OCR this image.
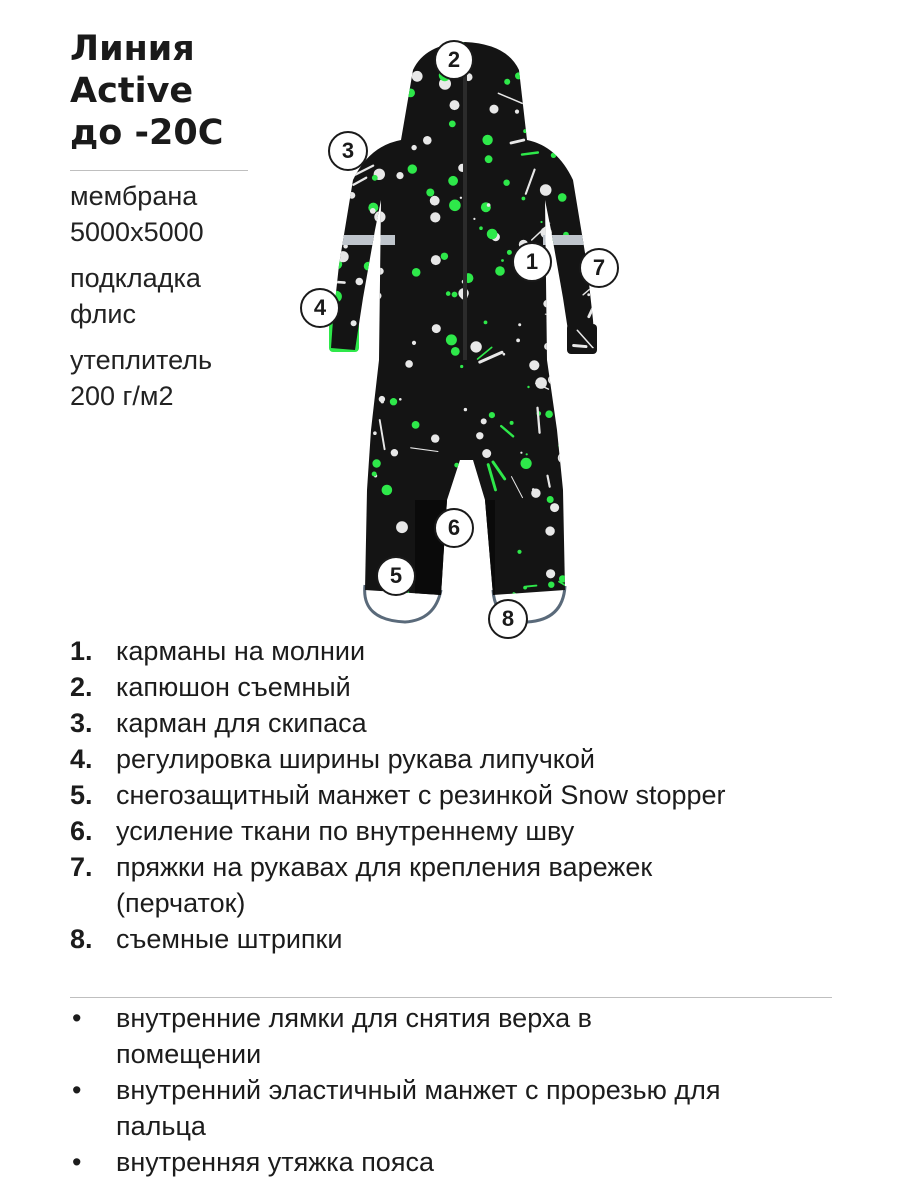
Линия
Active
до -20С
мембрана
5000х5000
подкладка
флис
утеплитель
200 г/м2
1
2
3
4
5
6
7
8
1. карманы на молнии
2. капюшон съемный
3. карман для скипаса
4. регулировка ширины рукава липучкой
5. снегозащитный манжет с резинкой Snow stopper
6. усиление ткани по внутреннему шву
7. пряжки на рукавах для крепления варежек (перчаток)
8. съемные штрипки
•	внутренние лямки для снятия верха в помещении
•	внутренний эластичный манжет с прорезью для пальца
•	внутренняя утяжка пояса
